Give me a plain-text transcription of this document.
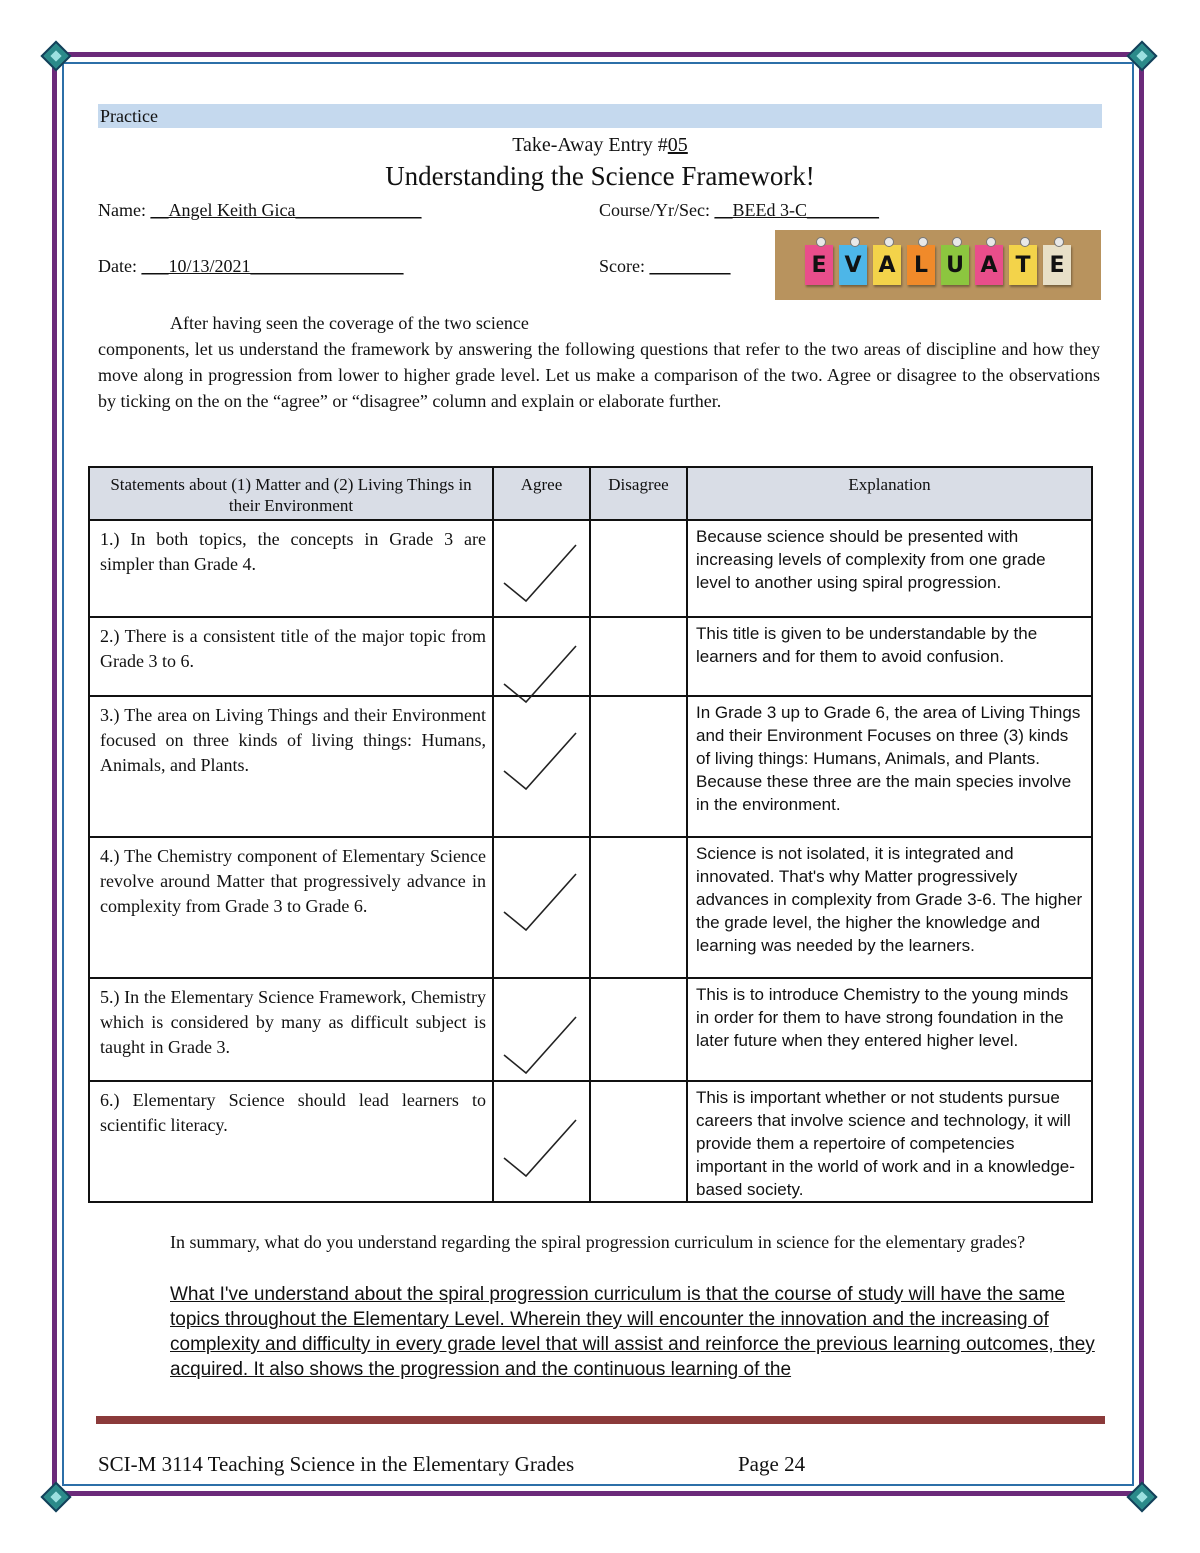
Practice
Take-Away Entry #05
Understanding the Science Framework!
Name: __Angel Keith Gica______________	Course/Yr/Sec: __BEEd 3-C________
Date: ___10/13/2021_________________	Score: _________	E V A L U A T E
After having seen the coverage of the two science
components, let us understand the framework by answering the following questions that refer to the two areas of discipline and how they move along in progression from lower to higher grade level. Let us make a comparison of the two. Agree or disagree to the observations by ticking on the on the “agree” or “disagree” column and explain or elaborate further.
Statements about (1) Matter and (2) Living Things in their Environment	Agree	Disagree	Explanation
1.) In both topics, the concepts in Grade 3 are simpler than Grade 4.			Because science should be presented with increasing levels of complexity from one grade level to another using spiral progression.
2.) There is a consistent title of the major topic from Grade 3 to 6.			This title is given to be understandable by the learners and for them to avoid confusion.
3.) The area on Living Things and their Environment focused on three kinds of living things: Humans, Animals, and Plants.			In Grade 3 up to Grade 6, the area of Living Things and their Environment Focuses on three (3) kinds of living things: Humans, Animals, and Plants. Because these three are the main species involve in the environment.
4.) The Chemistry component of Elementary Science revolve around Matter that progressively advance in complexity from Grade 3 to Grade 6.			Science is not isolated, it is integrated and innovated. That's why Matter progressively advances in complexity from Grade 3-6. The higher the grade level, the higher the knowledge and learning was needed by the learners.
5.) In the Elementary Science Framework, Chemistry which is considered by many as difficult subject is taught in Grade 3.			This is to introduce Chemistry to the young minds in order for them to have strong foundation in the later future when they entered higher level.
6.) Elementary Science should lead learners to scientific literacy.			This is important whether or not students pursue careers that involve science and technology, it will provide them a repertoire of competencies important in the world of work and in a knowledge-based society.
In summary, what do you understand regarding the spiral progression curriculum in science for the elementary grades?
What I've understand about the spiral progression curriculum is that the course of study will have the same topics throughout the Elementary Level. Wherein they will encounter the innovation and the increasing of complexity and difficulty in every grade level that will assist and reinforce the previous learning outcomes, they acquired. It also shows the progression and the continuous learning of the
SCI-M 3114 Teaching Science in the Elementary Grades	Page 24
